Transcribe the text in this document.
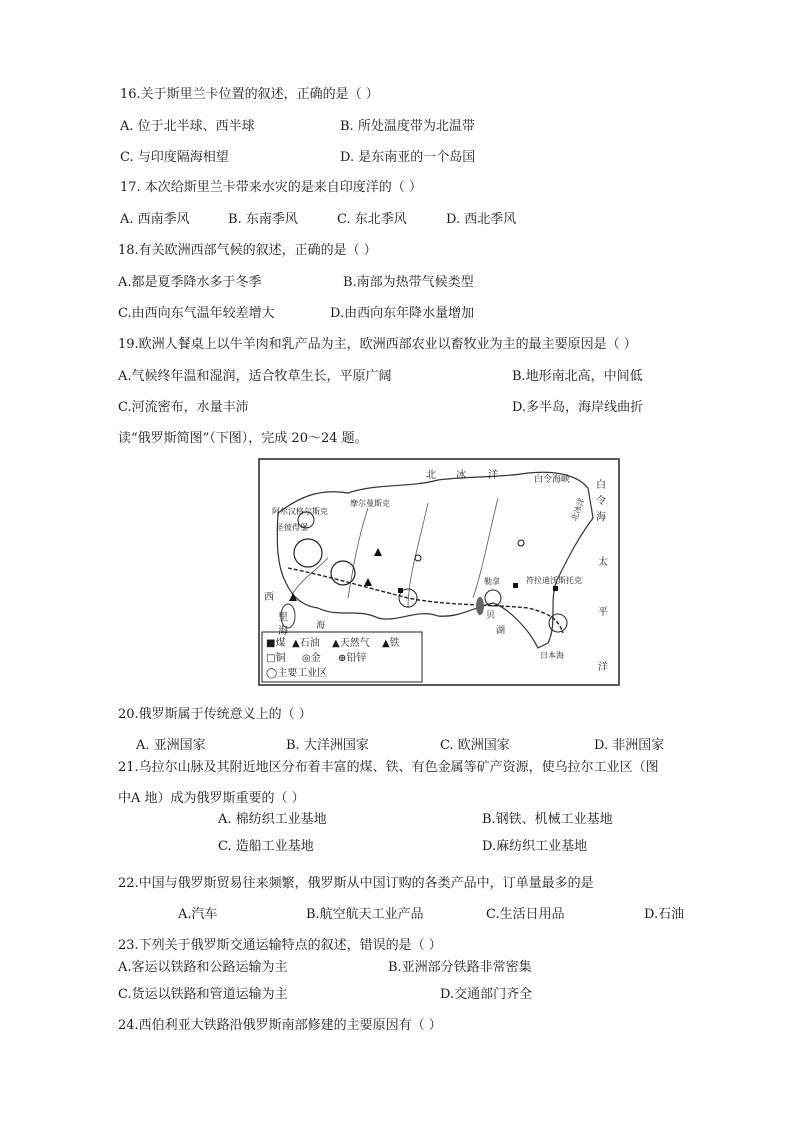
16.关于斯里兰卡位置的叙述，正确的是（ ）
A. 位于北半球、西半球	B. 所处温度带为北温带
C. 与印度隔海相望	D. 是东南亚的一个岛国
17. 本次给斯里兰卡带来水灾的是来自印度洋的（ ）
A. 西南季风	B. 东南季风	C. 东北季风	D. 西北季风
18.有关欧洲西部气候的叙述，正确的是（ ）
A.都是夏季降水多于冬季	B.南部为热带气候类型
C.由西向东气温年较差增大	D.由西向东年降水量增加
19.欧洲人餐桌上以牛羊肉和乳产品为主，欧洲西部农业以畜牧业为主的最主要原因是（ ）
A.气候终年温和湿润，适合牧草生长，平原广阔	B.地形南北高，中间低
C.河流密布，水量丰沛	D.多半岛，海岸线曲折
读“俄罗斯简图”（下图），完成 20～24 题。
北 冰 洋	白令海峡	白
令
海
太
平
洋
摩尔曼斯克
阿尔汉格尔斯克
圣彼得堡
符拉迪沃斯托克
日本海
西
里
海	海
贝
湖
勒拿
北冰洋
■煤 ▲石油 ▲天然气 ▲铁
□铜 ◎金 ⊕铅锌
◯主要工业区
20.俄罗斯属于传统意义上的（ ）
A. 亚洲国家	B. 大洋洲国家	C. 欧洲国家	D. 非洲国家
21.乌拉尔山脉及其附近地区分布着丰富的煤、铁、有色金属等矿产资源，使乌拉尔工业区（图
中A 地）成为俄罗斯重要的（ ）
A. 棉纺织工业基地	B.钢铁、机械工业基地
C. 造船工业基地	D.麻纺织工业基地
22.中国与俄罗斯贸易往来频繁，俄罗斯从中国订购的各类产品中，订单量最多的是
A.汽车	B.航空航天工业产品	C.生活日用品	D.石油
23.下列关于俄罗斯交通运输特点的叙述，错误的是（ ）
A.客运以铁路和公路运输为主	B.亚洲部分铁路非常密集
C.货运以铁路和管道运输为主	D.交通部门齐全
24.西伯利亚大铁路沿俄罗斯南部修建的主要原因有（ ）
